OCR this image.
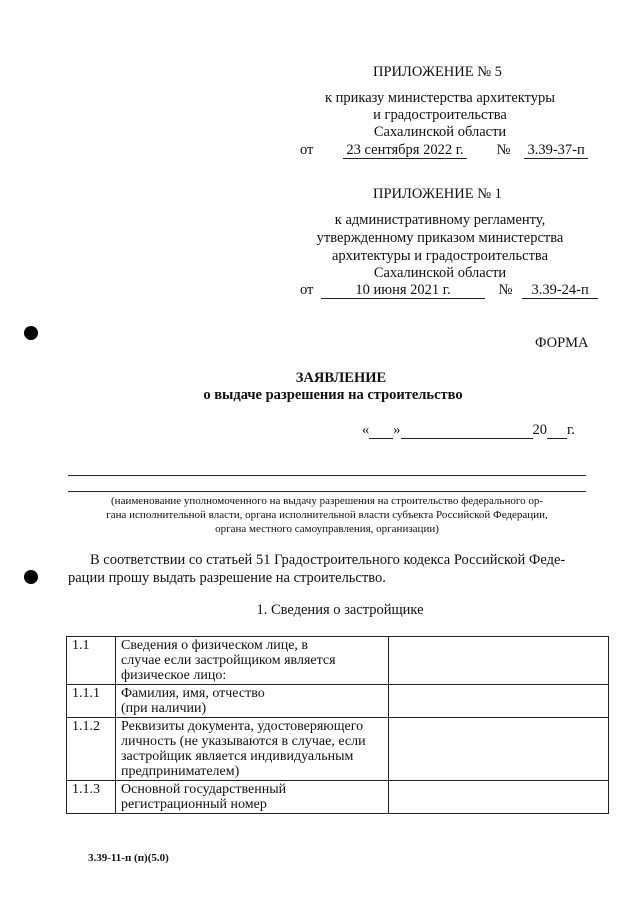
ПРИЛОЖЕНИЕ № 5
к приказу министерства архитектуры
и градостроительства
Сахалинской области
от 23 сентября 2022 г. № 3.39-37-п
ПРИЛОЖЕНИЕ № 1
к административному регламенту,
утвержденному приказом министерства
архитектуры и градостроительства
Сахалинской области
от	10 июня 2021 г.	№ 3.39-24-п
ФОРМА
ЗАЯВЛЕНИЕ
о выдаче разрешения на строительство
« »	20 г.
(наименование уполномоченного на выдачу разрешения на строительство федерального ор-
гана исполнительной власти, органа исполнительной власти субъекта Российской Федерации,
органа местного самоуправления, организации)
В соответствии со статьей 51 Градостроительного кодекса Российской Феде-
рации прошу выдать разрешение на строительство.
1. Сведения о застройщике
1.1	Сведения о физическом лице, в
случае если застройщиком является
физическое лицо:	

1.1.1	Фамилия, имя, отчество
(при наличии)	

1.1.2	Реквизиты документа, удостоверяющего
личность (не указываются в случае, если
застройщик является индивидуальным
предпринимателем)	

1.1.3	Основной государственный
регистрационный номер	

3.39-11-п (п)(5.0)
